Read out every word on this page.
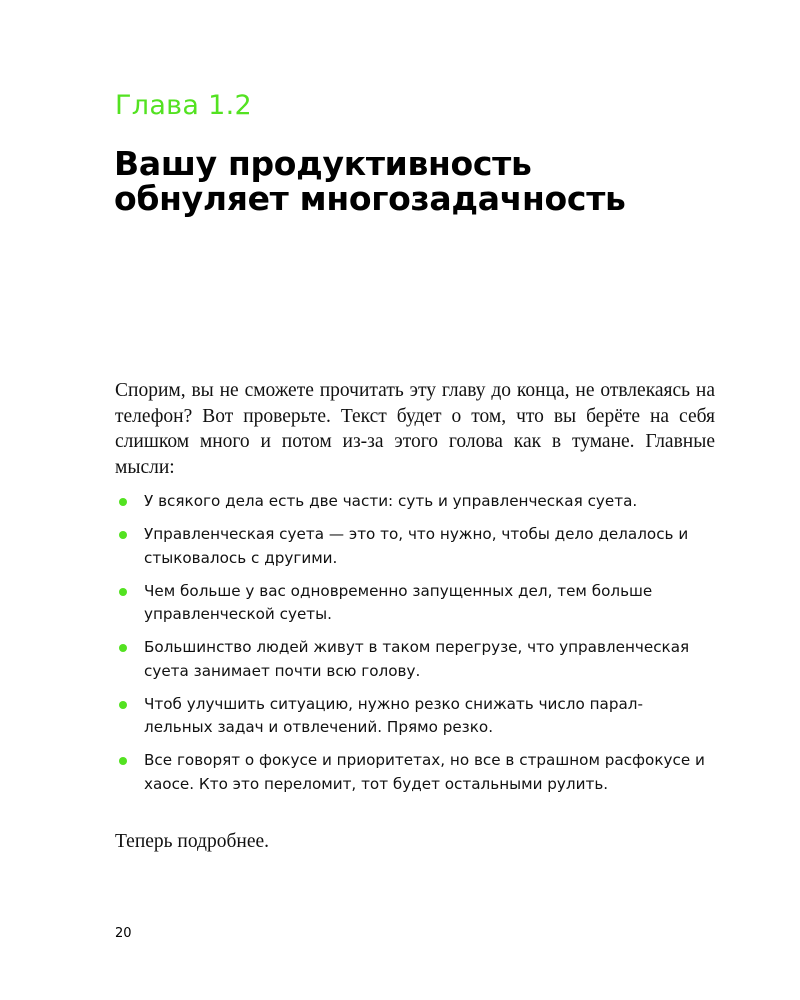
Глава 1.2
Вашу продуктивность
обнуляет многозадачность

Спорим, вы не сможете прочитать эту главу до конца, не отвлекаясь на телефон? Вот проверьте. Текст будет о том, что вы берёте на себя слишком много и потом из-за этого голова как в тумане. Главные мысли:

У всякого дела есть две части: суть и управленческая суета.
Управленческая суета — это то, что нужно, чтобы дело делалось и стыковалось с другими.
Чем больше у вас одновременно запущенных дел, тем больше управленческой суеты.
Большинство людей живут в таком перегрузе, что управленческая суета занимает почти всю голову.
Чтоб улучшить ситуацию, нужно резко снижать число параллельных задач и отвлечений. Прямо резко.
Все говорят о фокусе и приоритетах, но все в страшном расфокусе и хаосе. Кто это переломит, тот будет остальными рулить.

Теперь подробнее.

20
